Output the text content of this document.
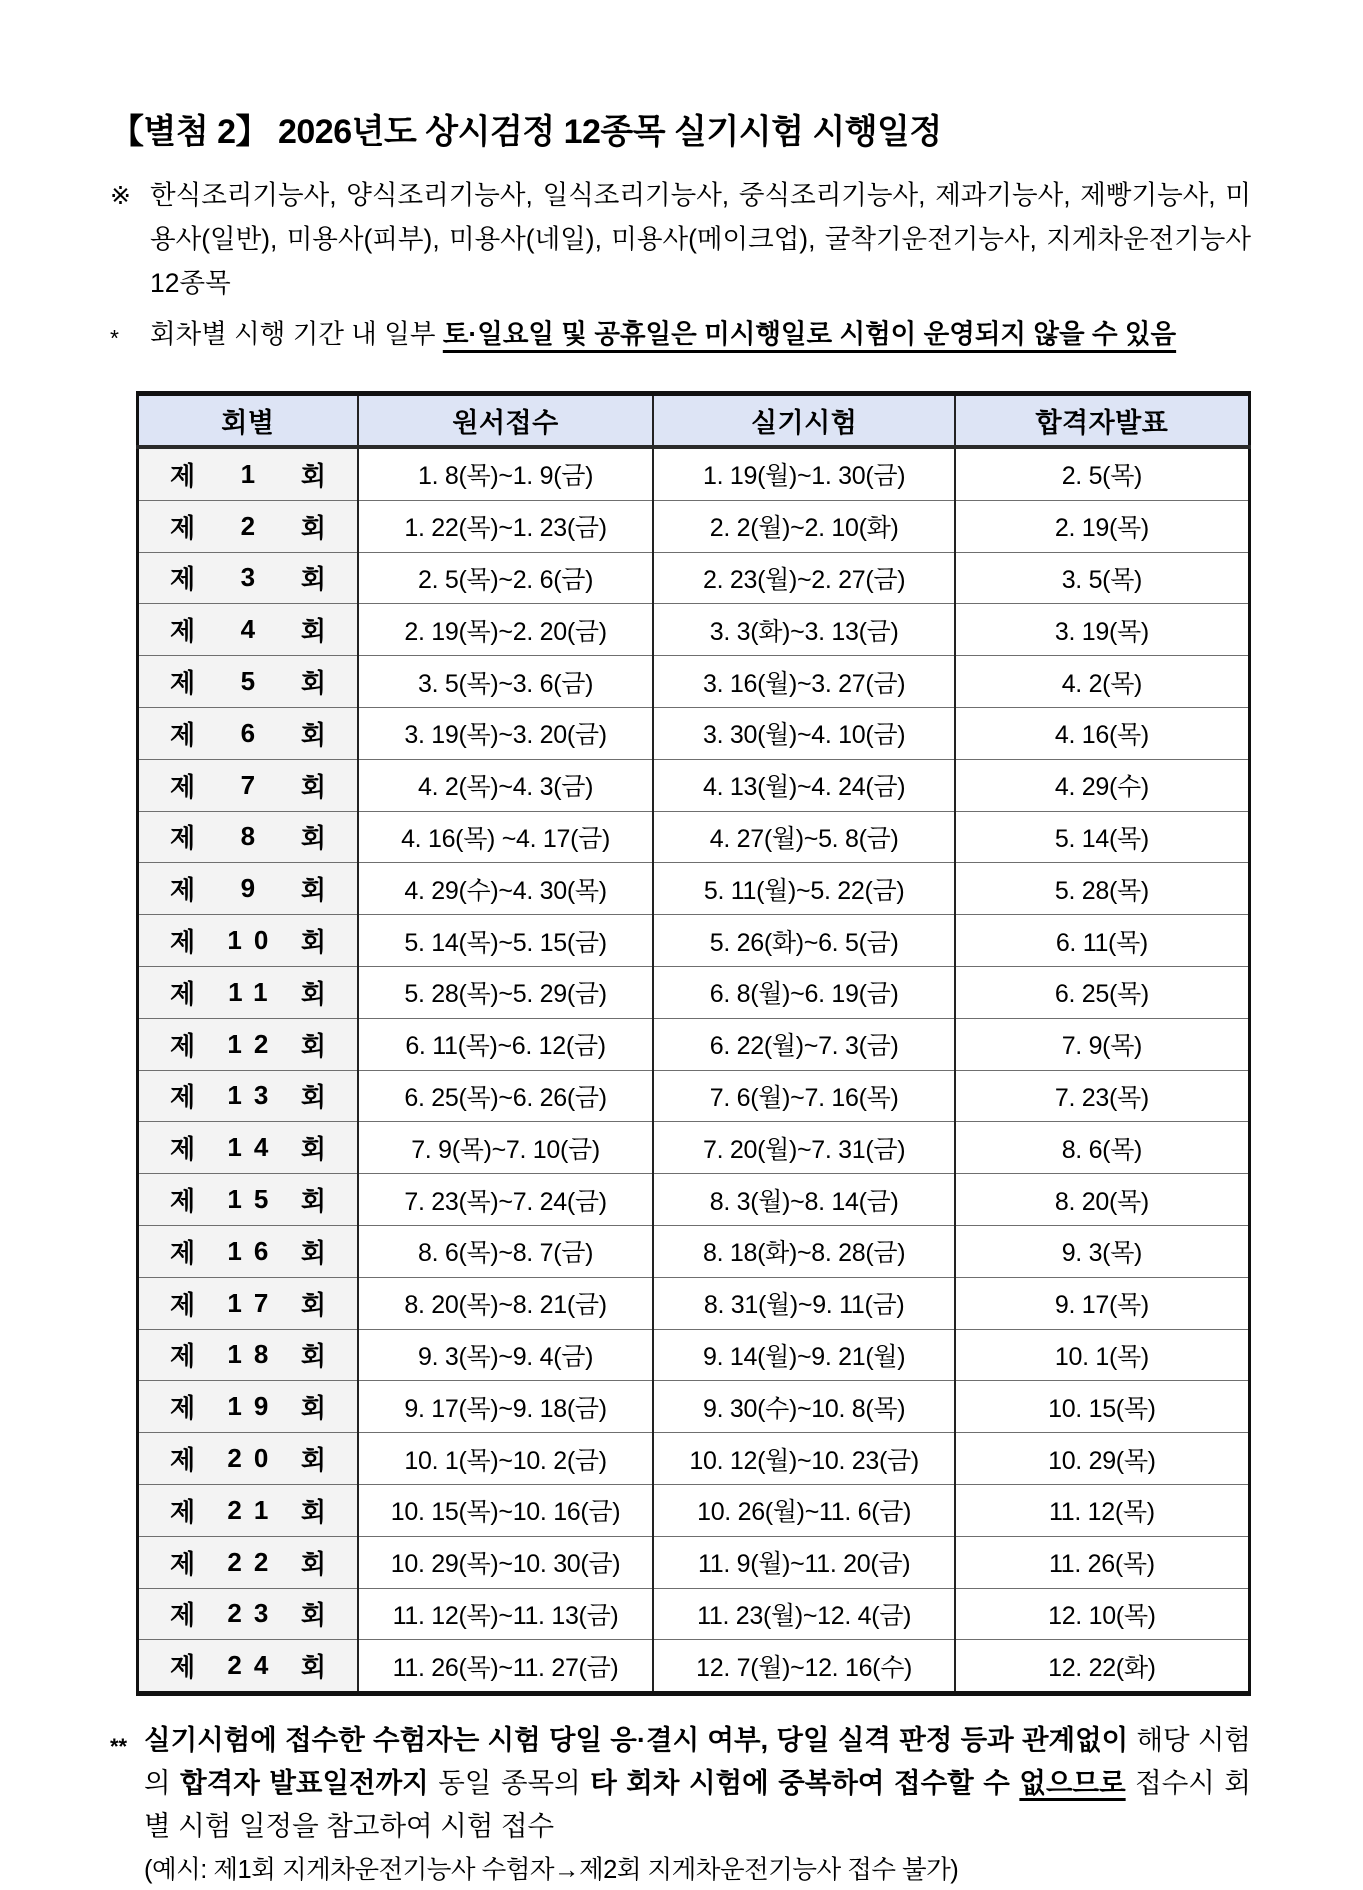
【별첨 2】 2026년도 상시검정 12종목 실기시험 시행일정
※ 한식조리기능사, 양식조리기능사, 일식조리기능사, 중식조리기능사, 제과기능사, 제빵기능사, 미용사(일반), 미용사(피부), 미용사(네일), 미용사(메이크업), 굴착기운전기능사, 지게차운전기능사 12종목
*	회차별 시행 기간 내 일부 토·일요일 및 공휴일은 미시행일로 시험이 운영되지 않을 수 있음
회별	원서접수	실기시험	합격자발표

제 1 회	1. 8(목)~1. 9(금)	1. 19(월)~1. 30(금)	2. 5(목)

제 2 회	1. 22(목)~1. 23(금)	2. 2(월)~2. 10(화)	2. 19(목)

제 3 회	2. 5(목)~2. 6(금)	2. 23(월)~2. 27(금)	3. 5(목)

제 4 회	2. 19(목)~2. 20(금)	3. 3(화)~3. 13(금)	3. 19(목)

제 5 회	3. 5(목)~3. 6(금)	3. 16(월)~3. 27(금)	4. 2(목)

제 6 회	3. 19(목)~3. 20(금)	3. 30(월)~4. 10(금)	4. 16(목)

제 7 회	4. 2(목)~4. 3(금)	4. 13(월)~4. 24(금)	4. 29(수)

제 8 회	4. 16(목) ~4. 17(금)	4. 27(월)~5. 8(금)	5. 14(목)

제 9 회	4. 29(수)~4. 30(목)	5. 11(월)~5. 22(금)	5. 28(목)

제 10 회	5. 14(목)~5. 15(금)	5. 26(화)~6. 5(금)	6. 11(목)

제 11 회	5. 28(목)~5. 29(금)	6. 8(월)~6. 19(금)	6. 25(목)

제 12 회	6. 11(목)~6. 12(금)	6. 22(월)~7. 3(금)	7. 9(목)

제 13 회	6. 25(목)~6. 26(금)	7. 6(월)~7. 16(목)	7. 23(목)

제 14 회	7. 9(목)~7. 10(금)	7. 20(월)~7. 31(금)	8. 6(목)

제 15 회	7. 23(목)~7. 24(금)	8. 3(월)~8. 14(금)	8. 20(목)

제 16 회	8. 6(목)~8. 7(금)	8. 18(화)~8. 28(금)	9. 3(목)

제 17 회	8. 20(목)~8. 21(금)	8. 31(월)~9. 11(금)	9. 17(목)

제 18 회	9. 3(목)~9. 4(금)	9. 14(월)~9. 21(월)	10. 1(목)

제 19 회	9. 17(목)~9. 18(금)	9. 30(수)~10. 8(목)	10. 15(목)

제 20 회	10. 1(목)~10. 2(금)	10. 12(월)~10. 23(금)	10. 29(목)

제 21 회	10. 15(목)~10. 16(금)	10. 26(월)~11. 6(금)	11. 12(목)

제 22 회	10. 29(목)~10. 30(금)	11. 9(월)~11. 20(금)	11. 26(목)

제 23 회	11. 12(목)~11. 13(금)	11. 23(월)~12. 4(금)	12. 10(목)

제 24 회	11. 26(목)~11. 27(금)	12. 7(월)~12. 16(수)	12. 22(화)
** 실기시험에 접수한 수험자는 시험 당일 응·결시 여부, 당일 실격 판정 등과 관계없이 해당 시험의 합격자 발표일전까지 동일 종목의 타 회차 시험에 중복하여 접수할 수 없으므로 접수시 회별 시험 일정을 참고하여 시험 접수
(예시: 제1회 지게차운전기능사 수험자→제2회 지게차운전기능사 접수 불가)
